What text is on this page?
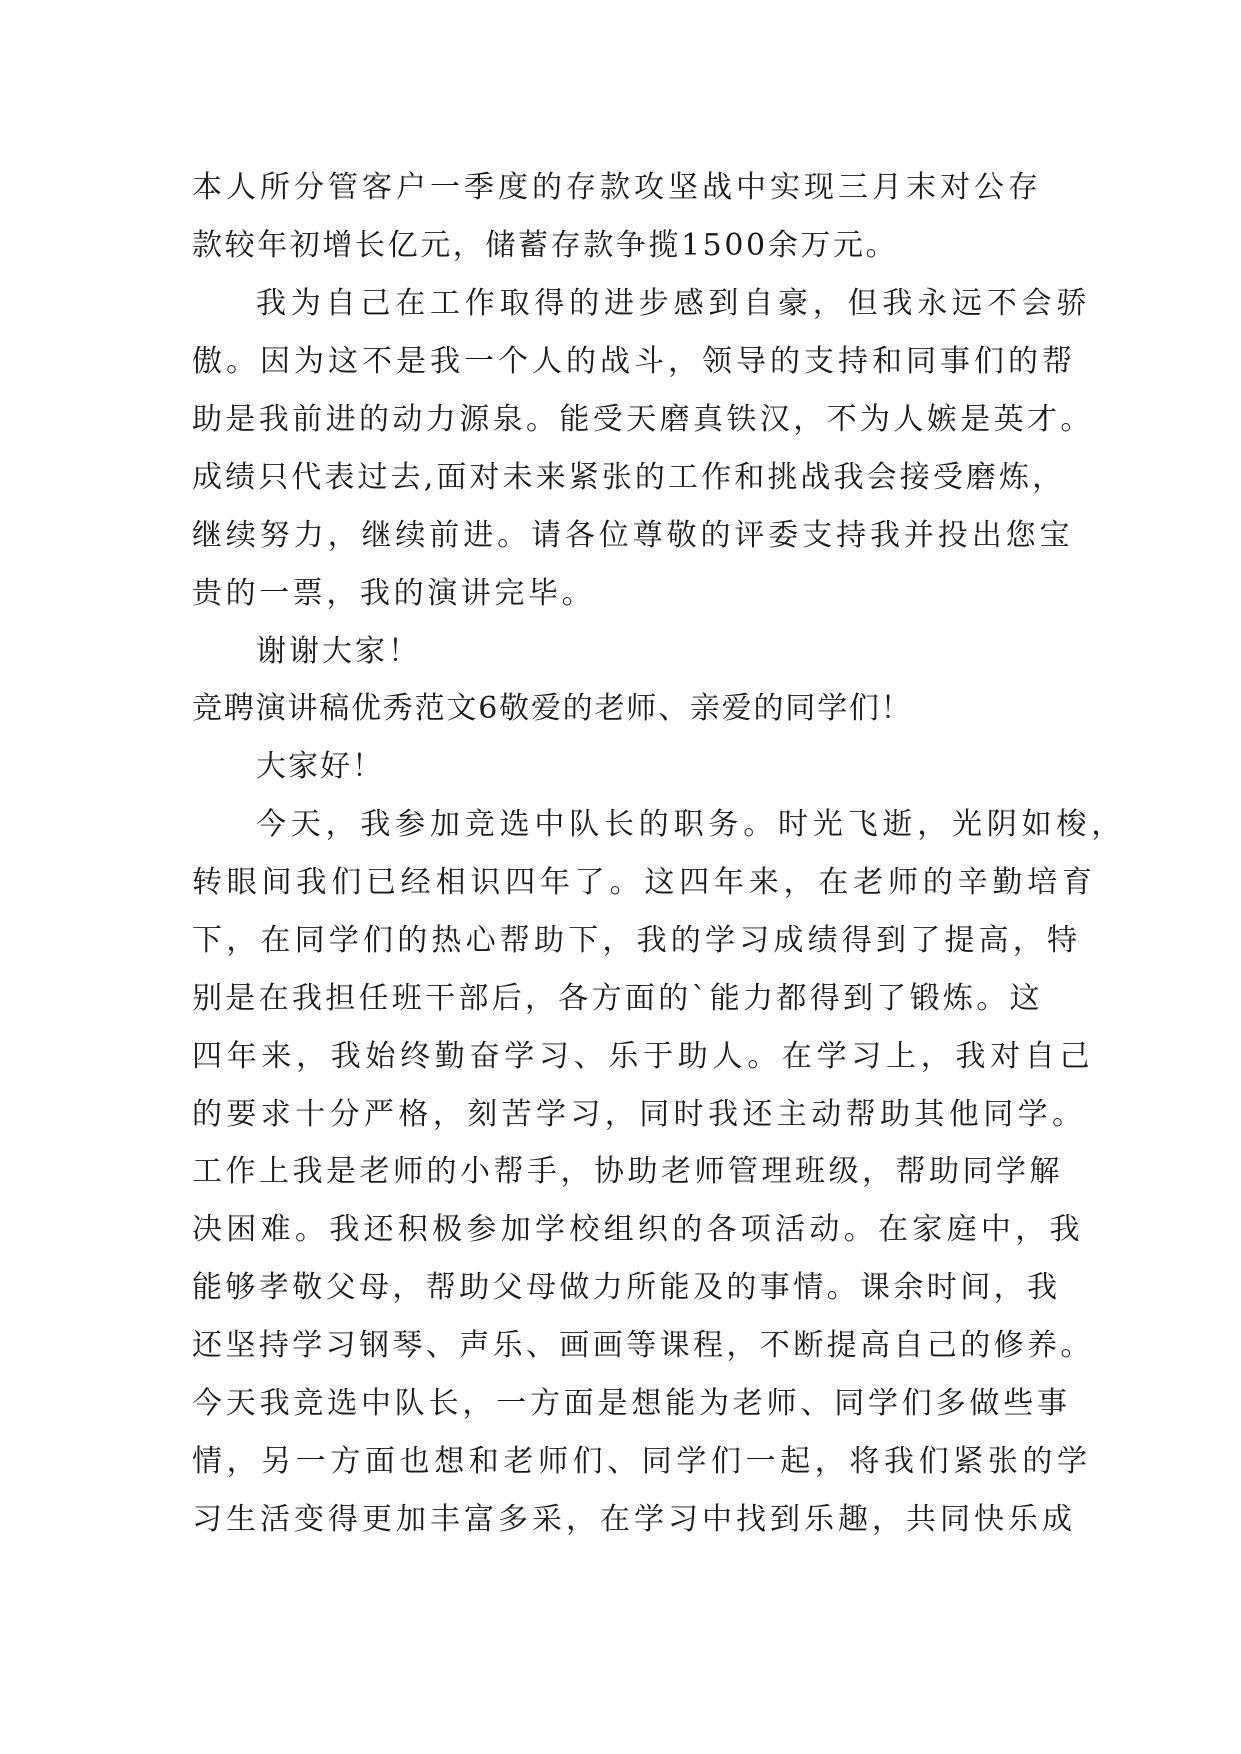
本人所分管客户一季度的存款攻坚战中实现三月末对公存
款较年初增长亿元，储蓄存款争揽1500余万元。
我为自己在工作取得的进步感到自豪，但我永远不会骄
傲。因为这不是我一个人的战斗，领导的支持和同事们的帮
助是我前进的动力源泉。能受天磨真铁汉，不为人嫉是英才。
成绩只代表过去,面对未来紧张的工作和挑战我会接受磨炼，
继续努力，继续前进。请各位尊敬的评委支持我并投出您宝
贵的一票，我的演讲完毕。
谢谢大家！
竞聘演讲稿优秀范文6敬爱的老师、亲爱的同学们！
大家好！
今天，我参加竞选中队长的职务。时光飞逝，光阴如梭，
转眼间我们已经相识四年了。这四年来，在老师的辛勤培育
下，在同学们的热心帮助下，我的学习成绩得到了提高，特
别是在我担任班干部后，各方面的`能力都得到了锻炼。这
四年来，我始终勤奋学习、乐于助人。在学习上，我对自己
的要求十分严格，刻苦学习，同时我还主动帮助其他同学。
工作上我是老师的小帮手，协助老师管理班级，帮助同学解
决困难。我还积极参加学校组织的各项活动。在家庭中，我
能够孝敬父母，帮助父母做力所能及的事情。课余时间，我
还坚持学习钢琴、声乐、画画等课程，不断提高自己的修养。
今天我竞选中队长，一方面是想能为老师、同学们多做些事
情，另一方面也想和老师们、同学们一起，将我们紧张的学
习生活变得更加丰富多采，在学习中找到乐趣，共同快乐成
